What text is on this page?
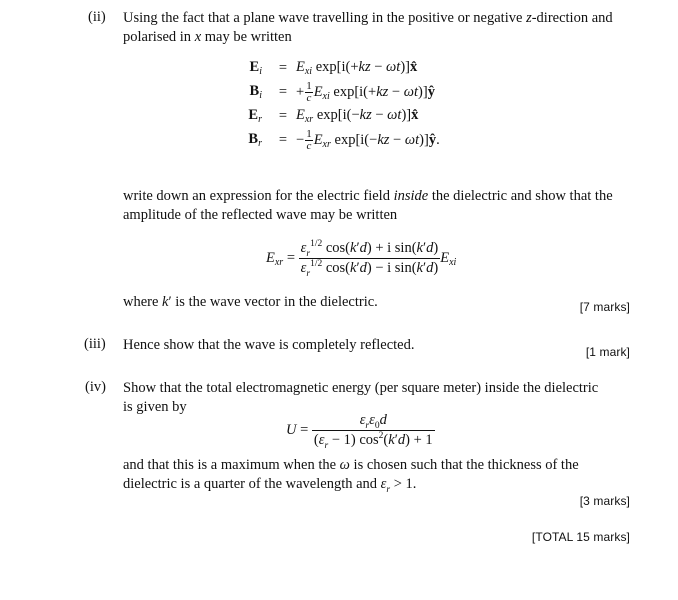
(ii) Using the fact that a plane wave travelling in the positive or negative z-direction and
polarised in x may be written
$E_i$	=	$E_{xi}$ exp[i(+kz − ωt)]x̂
$B_i$	=	+ $\frac{1}{c} E_{xi}$ exp[i(+kz − ωt)]ŷ
$E_r$	=	$E_{xr}$ exp[i(−kz − ωt)]x̂
$B_r$	=	− $\frac{1}{c} E_{xr}$ exp[i(−kz − ωt)]ŷ.
write down an expression for the electric field inside the dielectric and show that the
amplitude of the reflected wave may be written
$E_{xr} = \frac{\varepsilon_r^{1/2} \cos(k'd) + i \sin(k'd)}{\varepsilon_r^{1/2} \cos(k'd) - i \sin(k'd)} E_{xi}$
where k′ is the wave vector in the dielectric.	[7 marks]
(iii) Hence show that the wave is completely reflected.	[1 mark]
(iv) Show that the total electromagnetic energy (per square meter) inside the dielectric
is given by
$U = \frac{\varepsilon_r\varepsilon_0d}{(\varepsilon_r - 1) \cos^2(k'd) + 1}$
and that this is a maximum when the ω is chosen such that the thickness of the
dielectric is a quarter of the wavelength and $\varepsilon_r > 1$.
[3 marks]
[TOTAL 15 marks]
